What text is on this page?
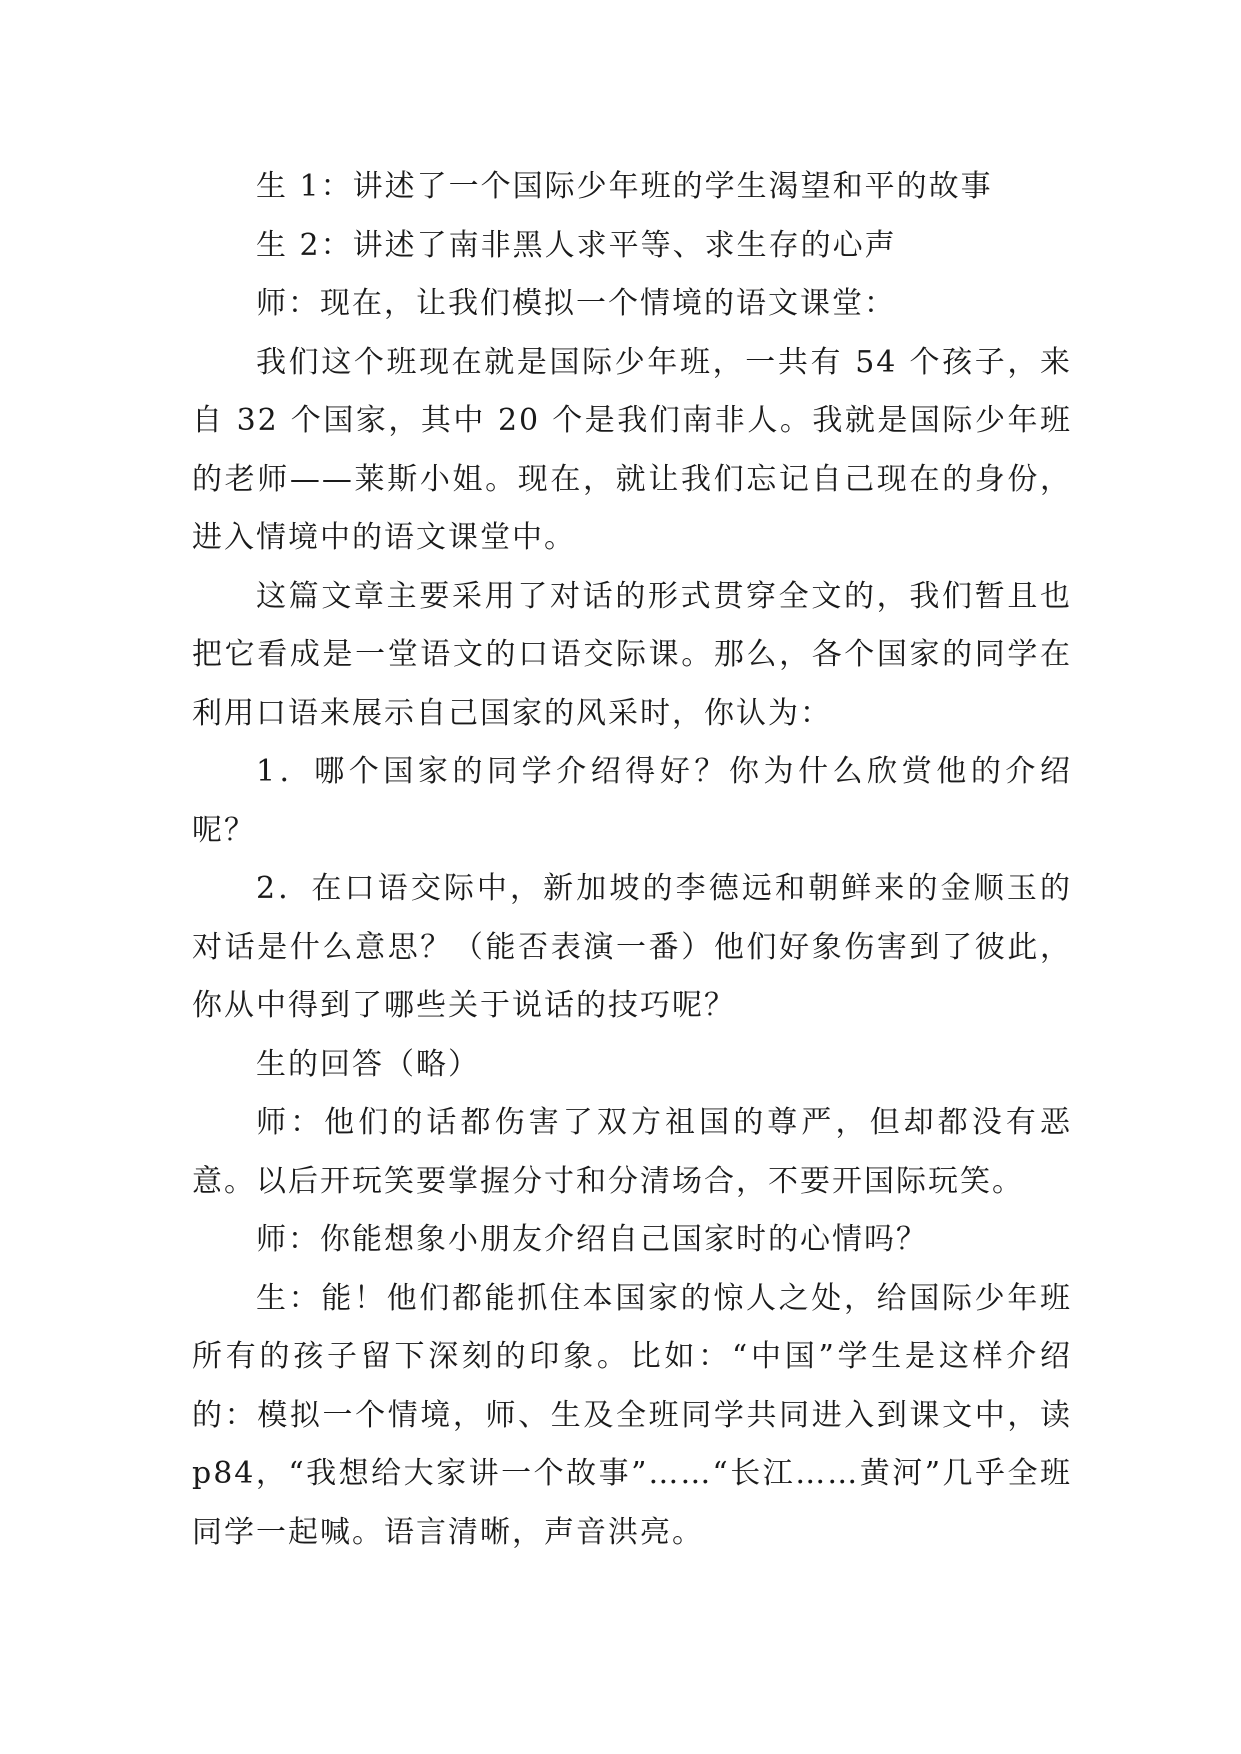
生 1：讲述了一个国际少年班的学生渴望和平的故事

生 2：讲述了南非黑人求平等、求生存的心声

师：现在，让我们模拟一个情境的语文课堂：

我们这个班现在就是国际少年班，一共有 54 个孩子，来自 32 个国家，其中 20 个是我们南非人。我就是国际少年班的老师——莱斯小姐。现在，就让我们忘记自己现在的身份，进入情境中的语文课堂中。

这篇文章主要采用了对话的形式贯穿全文的，我们暂且也把它看成是一堂语文的口语交际课。那么，各个国家的同学在利用口语来展示自己国家的风采时，你认为：

1．哪个国家的同学介绍得好？你为什么欣赏他的介绍呢？

2．在口语交际中，新加坡的李德远和朝鲜来的金顺玉的对话是什么意思？（能否表演一番）他们好象伤害到了彼此，你从中得到了哪些关于说话的技巧呢？

生的回答（略）

师：他们的话都伤害了双方祖国的尊严，但却都没有恶意。以后开玩笑要掌握分寸和分清场合，不要开国际玩笑。

师：你能想象小朋友介绍自己国家时的心情吗？

生：能！他们都能抓住本国家的惊人之处，给国际少年班所有的孩子留下深刻的印象。比如：“中国”学生是这样介绍的：模拟一个情境，师、生及全班同学共同进入到课文中，读p84，“我想给大家讲一个故事”……“长江……黄河”几乎全班同学一起喊。语言清晰，声音洪亮。
